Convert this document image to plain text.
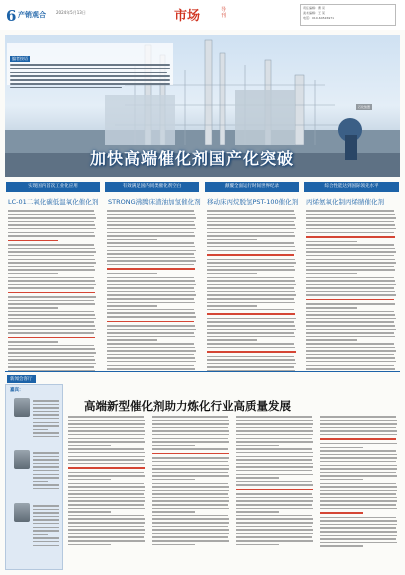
6 产销观合	2024年5月13日	市场	导刊
责任编辑：曹 亮
美术编辑：王 某
电话：010-64526971
编者按语
石化装置
加快高端催化剂国产化突破
实现国内首次工业化应用	有效满足国内同类催化剂空白	颠覆全面运行时间世界纪录	综合性能达到国际领先水平
LC-01二氧化碳低温氧化催化剂 STRONG沸腾床渣油加氢催化剂 移动床丙烷脱氢PST-100催化剂 丙烯氨氧化制丙烯腈催化剂
新闻会客厅
嘉宾：
高端新型催化剂助力炼化行业高质量发展
